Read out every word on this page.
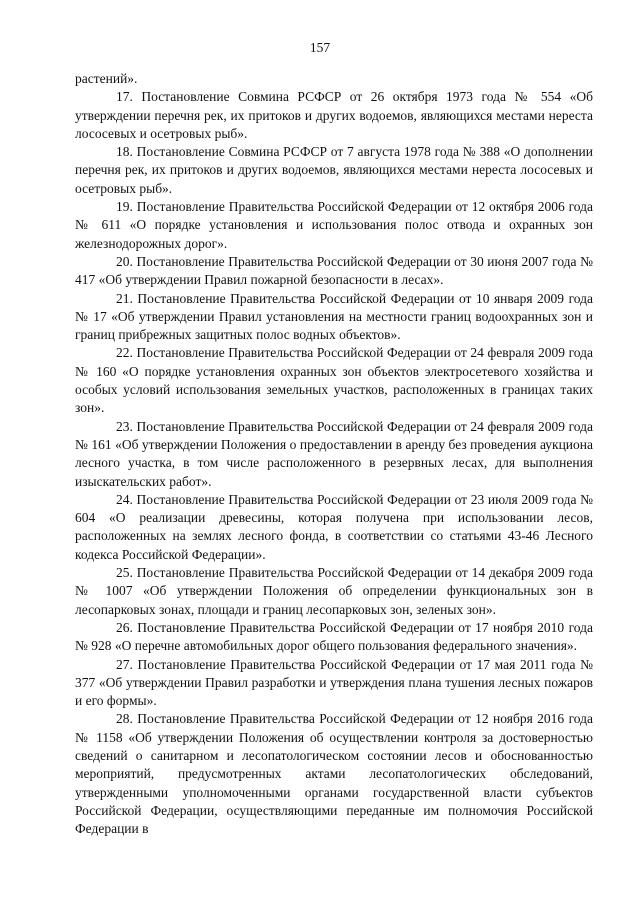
157

растений».

17. Постановление Совмина РСФСР от 26 октября 1973 года № 554 «Об утверждении перечня рек, их притоков и других водоемов, являющихся местами нереста лососевых и осетровых рыб».

18. Постановление Совмина РСФСР от 7 августа 1978 года № 388 «О дополнении перечня рек, их притоков и других водоемов, являющихся местами нереста лососевых и осетровых рыб».

19. Постановление Правительства Российской Федерации от 12 октября 2006 года № 611 «О порядке установления и использования полос отвода и охранных зон железнодорожных дорог».

20. Постановление Правительства Российской Федерации от 30 июня 2007 года № 417 «Об утверждении Правил пожарной безопасности в лесах».

21. Постановление Правительства Российской Федерации от 10 января 2009 года № 17 «Об утверждении Правил установления на местности границ водоохранных зон и границ прибрежных защитных полос водных объектов».

22. Постановление Правительства Российской Федерации от 24 февраля 2009 года № 160 «О порядке установления охранных зон объектов электросетевого хозяйства и особых условий использования земельных участков, расположенных в границах таких зон».

23. Постановление Правительства Российской Федерации от 24 февраля 2009 года № 161 «Об утверждении Положения о предоставлении в аренду без проведения аукциона лесного участка, в том числе расположенного в резервных лесах, для выполнения изыскательских работ».

24. Постановление Правительства Российской Федерации от 23 июля 2009 года № 604 «О реализации древесины, которая получена при использовании лесов, расположенных на землях лесного фонда, в соответствии со статьями 43-46 Лесного кодекса Российской Федерации».

25. Постановление Правительства Российской Федерации от 14 декабря 2009 года № 1007 «Об утверждении Положения об определении функциональных зон в лесопарковых зонах, площади и границ лесопарковых зон, зеленых зон».

26. Постановление Правительства Российской Федерации от 17 ноября 2010 года № 928 «О перечне автомобильных дорог общего пользования федерального значения».

27. Постановление Правительства Российской Федерации от 17 мая 2011 года № 377 «Об утверждении Правил разработки и утверждения плана тушения лесных пожаров и его формы».

28. Постановление Правительства Российской Федерации от 12 ноября 2016 года № 1158 «Об утверждении Положения об осуществлении контроля за достоверностью сведений о санитарном и лесопатологическом состоянии лесов и обоснованностью мероприятий, предусмотренных актами лесопатологических обследований, утвержденными уполномоченными органами государственной власти субъектов Российской Федерации, осуществляющими переданные им полномочия Российской Федерации в
